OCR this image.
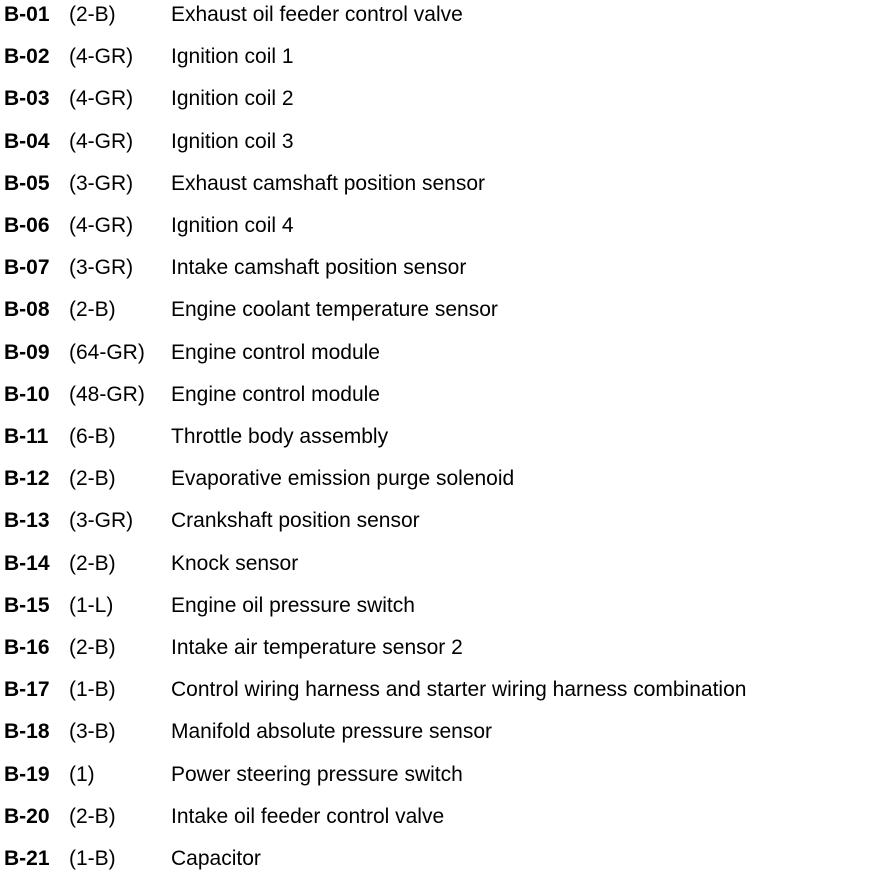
B-01 (2-B)	Exhaust oil feeder control valve
B-02 (4-GR) Ignition coil 1
B-03 (4-GR) Ignition coil 2
B-04 (4-GR) Ignition coil 3
B-05 (3-GR) Exhaust camshaft position sensor
B-06 (4-GR) Ignition coil 4
B-07 (3-GR) Intake camshaft position sensor
B-08 (2-B)	Engine coolant temperature sensor
B-09 (64-GR) Engine control module
B-10 (48-GR) Engine control module
B-11 (6-B)	Throttle body assembly
B-12 (2-B)	Evaporative emission purge solenoid
B-13 (3-GR) Crankshaft position sensor
B-14 (2-B)	Knock sensor
B-15 (1-L)	Engine oil pressure switch
B-16 (2-B)	Intake air temperature sensor 2
B-17 (1-B)	Control wiring harness and starter wiring harness combination
B-18 (3-B)	Manifold absolute pressure sensor
B-19 (1)	Power steering pressure switch
B-20 (2-B)	Intake oil feeder control valve
B-21 (1-B)	Capacitor
